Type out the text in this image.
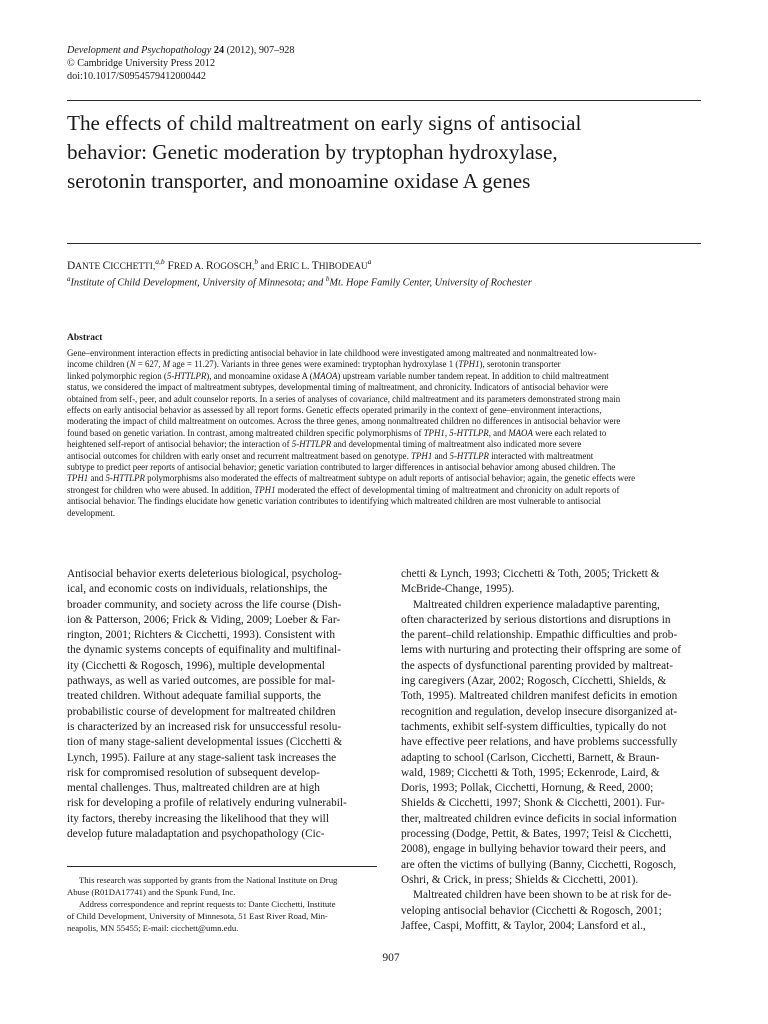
Development and Psychopathology 24 (2012), 907–928
© Cambridge University Press 2012
doi:10.1017/S0954579412000442
The effects of child maltreatment on early signs of antisocial
behavior: Genetic moderation by tryptophan hydroxylase,
serotonin transporter, and monoamine oxidase A genes
DANTE CICCHETTI,$^{a,b}$ FRED A. ROGOSCH,$^b$ and ERIC L. THIBODEAU$^a$
$^a$Institute of Child Development, University of Minnesota; and $^b$Mt. Hope Family Center, University of Rochester
Abstract
Gene–environment interaction effects in predicting antisocial behavior in late childhood were investigated among maltreated and nonmaltreated low-
income children (N = 627, M age = 11.27). Variants in three genes were examined: tryptophan hydroxylase 1 (TPH1), serotonin transporter
linked polymorphic region (5-HTTLPR), and monoamine oxidase A (MAOA) upstream variable number tandem repeat. In addition to child maltreatment
status, we considered the impact of maltreatment subtypes, developmental timing of maltreatment, and chronicity. Indicators of antisocial behavior were
obtained from self-, peer, and adult counselor reports. In a series of analyses of covariance, child maltreatment and its parameters demonstrated strong main
effects on early antisocial behavior as assessed by all report forms. Genetic effects operated primarily in the context of gene–environment interactions,
moderating the impact of child maltreatment on outcomes. Across the three genes, among nonmaltreated children no differences in antisocial behavior were
found based on genetic variation. In contrast, among maltreated children specific polymorphisms of TPH1, 5-HTTLPR, and MAOA were each related to
heightened self-report of antisocial behavior; the interaction of 5-HTTLPR and developmental timing of maltreatment also indicated more severe
antisocial outcomes for children with early onset and recurrent maltreatment based on genotype. TPH1 and 5-HTTLPR interacted with maltreatment
subtype to predict peer reports of antisocial behavior; genetic variation contributed to larger differences in antisocial behavior among abused children. The
TPH1 and 5-HTTLPR polymorphisms also moderated the effects of maltreatment subtype on adult reports of antisocial behavior; again, the genetic effects were
strongest for children who were abused. In addition, TPH1 moderated the effect of developmental timing of maltreatment and chronicity on adult reports of
antisocial behavior. The findings elucidate how genetic variation contributes to identifying which maltreated children are most vulnerable to antisocial
development.
Antisocial behavior exerts deleterious biological, psycholog-
ical, and economic costs on individuals, relationships, the
broader community, and society across the life course (Dish-
ion & Patterson, 2006; Frick & Viding, 2009; Loeber & Far-
rington, 2001; Richters & Cicchetti, 1993). Consistent with
the dynamic systems concepts of equifinality and multifinal-
ity (Cicchetti & Rogosch, 1996), multiple developmental
pathways, as well as varied outcomes, are possible for mal-
treated children. Without adequate familial supports, the
probabilistic course of development for maltreated children
is characterized by an increased risk for unsuccessful resolu-
tion of many stage-salient developmental issues (Cicchetti &
Lynch, 1995). Failure at any stage-salient task increases the
risk for compromised resolution of subsequent develop-
mental challenges. Thus, maltreated children are at high
risk for developing a profile of relatively enduring vulnerabil-
ity factors, thereby increasing the likelihood that they will
develop future maladaptation and psychopathology (Cic-
chetti & Lynch, 1993; Cicchetti & Toth, 2005; Trickett &
McBride-Change, 1995).
Maltreated children experience maladaptive parenting,
often characterized by serious distortions and disruptions in
the parent–child relationship. Empathic difficulties and prob-
lems with nurturing and protecting their offspring are some of
the aspects of dysfunctional parenting provided by maltreat-
ing caregivers (Azar, 2002; Rogosch, Cicchetti, Shields, &
Toth, 1995). Maltreated children manifest deficits in emotion
recognition and regulation, develop insecure disorganized at-
tachments, exhibit self-system difficulties, typically do not
have effective peer relations, and have problems successfully
adapting to school (Carlson, Cicchetti, Barnett, & Braun-
wald, 1989; Cicchetti & Toth, 1995; Eckenrode, Laird, &
Doris, 1993; Pollak, Cicchetti, Hornung, & Reed, 2000;
Shields & Cicchetti, 1997; Shonk & Cicchetti, 2001). Fur-
ther, maltreated children evince deficits in social information
processing (Dodge, Pettit, & Bates, 1997; Teisl & Cicchetti,
2008), engage in bullying behavior toward their peers, and
are often the victims of bullying (Banny, Cicchetti, Rogosch,
Oshri, & Crick, in press; Shields & Cicchetti, 2001).
Maltreated children have been shown to be at risk for de-
veloping antisocial behavior (Cicchetti & Rogosch, 2001;
Jaffee, Caspi, Moffitt, & Taylor, 2004; Lansford et al.,
This research was supported by grants from the National Institute on Drug
Abuse (R01DA17741) and the Spunk Fund, Inc.
Address correspondence and reprint requests to: Dante Cicchetti, Institute
of Child Development, University of Minnesota, 51 East River Road, Min-
neapolis, MN 55455; E-mail: cicchett@umn.edu.
907
